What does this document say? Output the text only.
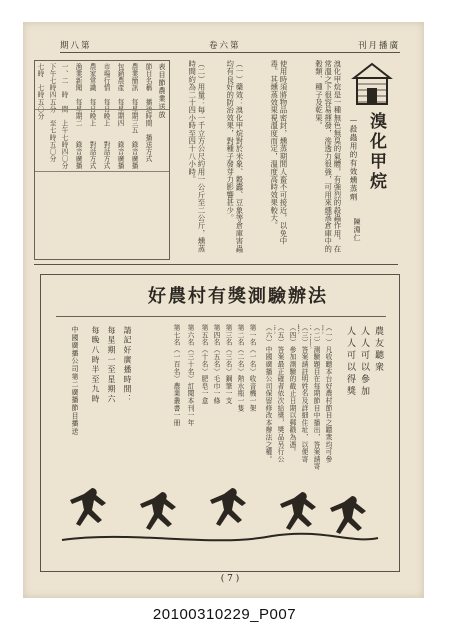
期八第	卷六第	刊月播廣
表目節農業送放
節目名稱　播送時間　播送方式
農業簡訊　每星期三五　錄音廣播
包銷農產　每星期四　　錄音廣播
市場行情　每日晚上　　對話方式
農家常識　每日晚上　　對話方式
漁業新聞　每星期二　　錄音廣播
一、二　時　間　上午七時四〇分
下午七時四五分　至七時五〇分
七時　七時五〇分	溴化甲烷是一種無色無臭的氣體，有強烈的殺蟲作用，在常溫之下很容易揮發，滲透力很強，可用來燻蒸倉庫中的穀類、種子及乾果。
使用時須將物品密封，燻蒸期間人畜不可接近，以免中毒。其燻蒸效果視溫度而定，溫度高時效果較大。
（一）藥效：溴化甲烷對於米象、穀蠹、豆象等倉庫害蟲均有良好的防治效果，對種子發芽力影響甚少。
（二）用量：每一千立方公尺約用一公斤至二公斤，燻蒸時間約為二十四小時至四十八小時。	溴化甲烷
—殺蟲用的有效燻蒸劑
陳淵仁
好農村有獎測驗辦法
農友聽衆
人人可以參加
人人可以得獎
（一）凡收聽本台好農村節目之聽衆均可參
（二）測驗題目在每期節目中播出，答案請寄
（三）答案請註明姓名及詳細住址，以便寄
（四）參加測驗的截止日期以郵戳為憑。
（五）答案最正確者依次給奬，奬品另行公
（六）中國廣播公司保留修改本辦法之權。
第一名（一名）收音機一架
第二名（二名）熱水瓶一隻
第三名（三名）鋼筆一支
第四名（五名）毛巾一條
第五名（十名）肥皂一盒
第六名（三十名）訂閱本刊一年
第七名（一百名）農業叢書一冊
請記好廣播時間：
每星期一至星期六
每晚八時半至九時
中國廣播公司第二廣播節目播送
( 7 )
20100310229_P007
